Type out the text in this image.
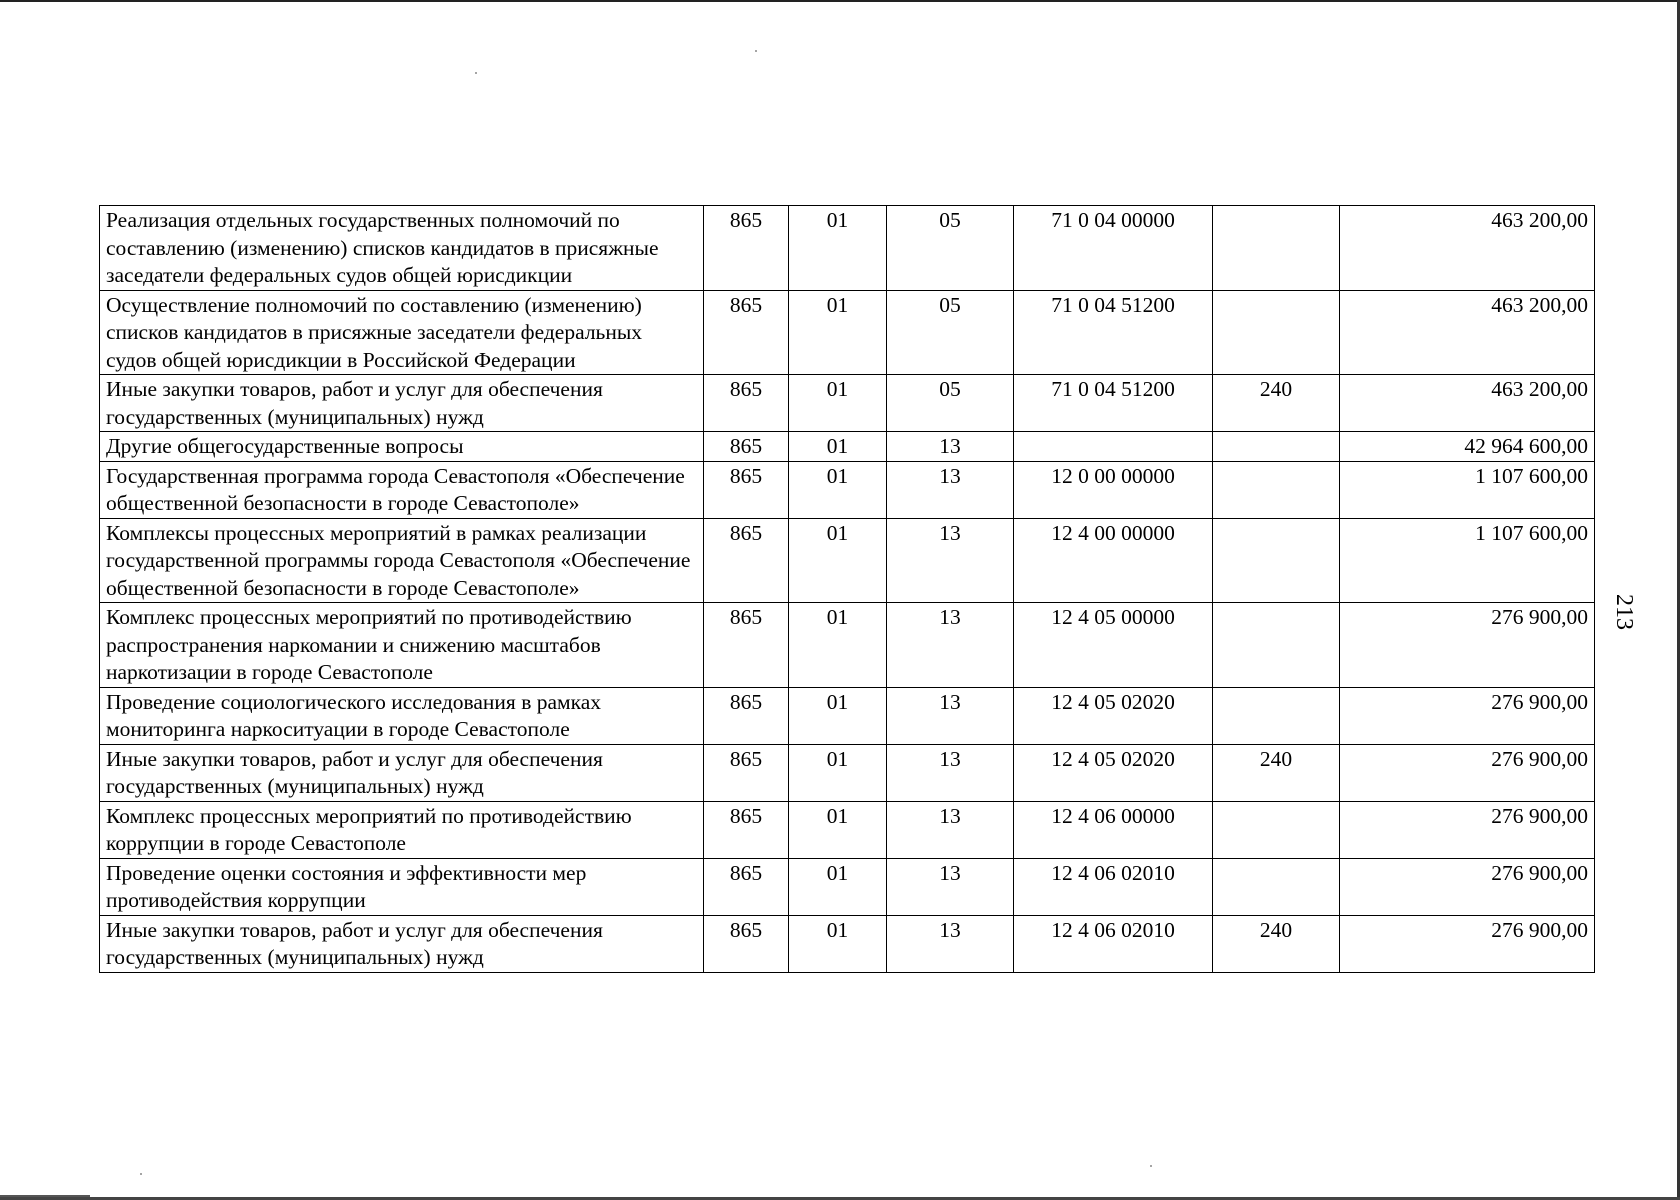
Реализация отдельных государственных полномочий по составлению (изменению) списков кандидатов в присяжные заседатели федеральных судов общей юрисдикции	865	01	05	71 0 04 00000		463 200,00
Осуществление полномочий по составлению (изменению) списков кандидатов в присяжные заседатели федеральных судов общей юрисдикции в Российской Федерации	865	01	05	71 0 04 51200		463 200,00
Иные закупки товаров, работ и услуг для обеспечения государственных (муниципальных) нужд	865	01	05	71 0 04 51200	240	463 200,00
Другие общегосударственные вопросы	865	01	13			42 964 600,00
Государственная программа города Севастополя «Обеспечение общественной безопасности в городе Севастополе»	865	01	13	12 0 00 00000		1 107 600,00
Комплексы процессных мероприятий в рамках реализации государственной программы города Севастополя «Обеспечение общественной безопасности в городе Севастополе»	865	01	13	12 4 00 00000		1 107 600,00
Комплекс процессных мероприятий по противодействию распространения наркомании и снижению масштабов наркотизации в городе Севастополе	865	01	13	12 4 05 00000		276 900,00
Проведение социологического исследования в рамках мониторинга наркоситуации в городе Севастополе	865	01	13	12 4 05 02020		276 900,00
Иные закупки товаров, работ и услуг для обеспечения государственных (муниципальных) нужд	865	01	13	12 4 05 02020	240	276 900,00
Комплекс процессных мероприятий по противодействию коррупции в городе Севастополе	865	01	13	12 4 06 00000		276 900,00
Проведение оценки состояния и эффективности мер противодействия коррупции	865	01	13	12 4 06 02010		276 900,00
Иные закупки товаров, работ и услуг для обеспечения государственных (муниципальных) нужд	865	01	13	12 4 06 02010	240	276 900,00
213
